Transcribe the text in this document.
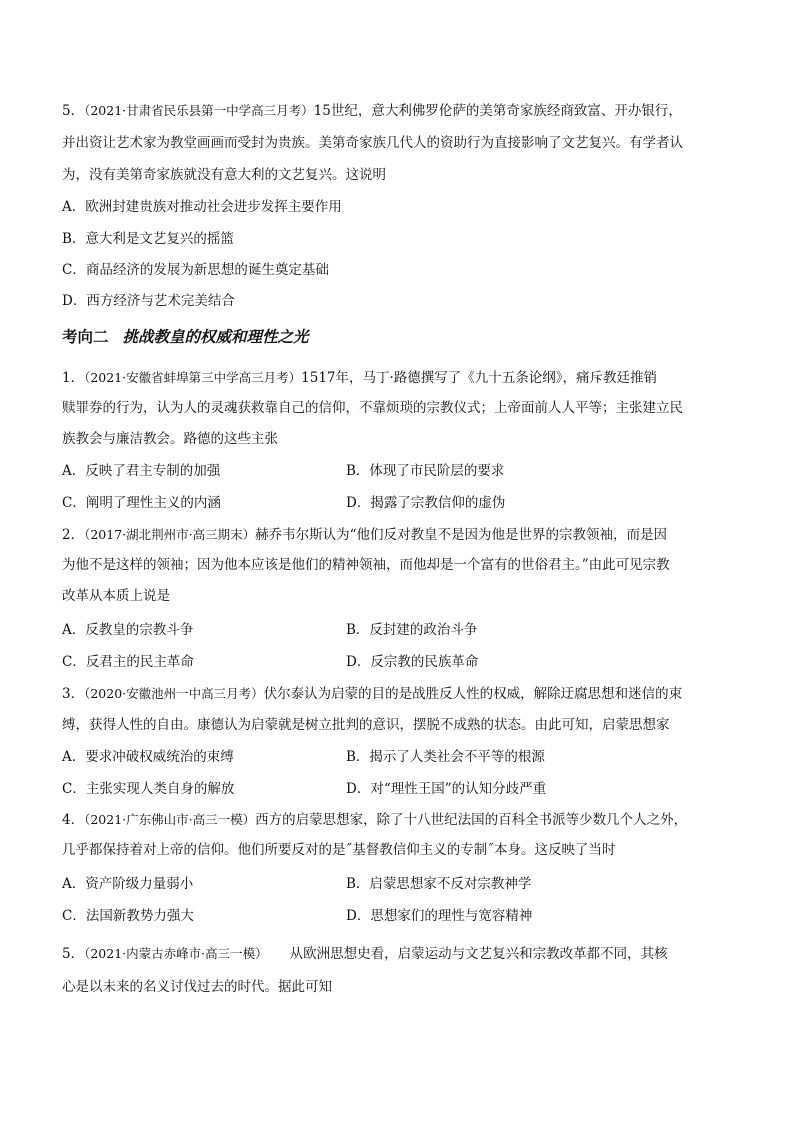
5．（2021·甘肃省民乐县第一中学高三月考）15世纪，意大利佛罗伦萨的美第奇家族经商致富、开办银行，
并出资让艺术家为教堂画画而受封为贵族。美第奇家族几代人的资助行为直接影响了文艺复兴。有学者认
为，没有美第奇家族就没有意大利的文艺复兴。这说明
A．欧洲封建贵族对推动社会进步发挥主要作用
B．意大利是文艺复兴的摇篮
C．商品经济的发展为新思想的诞生奠定基础
D．西方经济与艺术完美结合
考向二 挑战教皇的权威和理性之光
1．（2021·安徽省蚌埠第三中学高三月考）1517年，马丁·路德撰写了《九十五条论纲》，痛斥教廷推销
赎罪券的行为，认为人的灵魂获救靠自己的信仰，不靠烦琐的宗教仪式；上帝面前人人平等；主张建立民
族教会与廉洁教会。路德的这些主张
A．反映了君主专制的加强	B．体现了市民阶层的要求
C．阐明了理性主义的内涵	D．揭露了宗教信仰的虚伪
2．（2017·湖北荆州市·高三期末）赫乔韦尔斯认为“他们反对教皇不是因为他是世界的宗教领袖，而是因
为他不是这样的领袖；因为他本应该是他们的精神领袖，而他却是一个富有的世俗君主。”由此可见宗教
改革从本质上说是
A．反教皇的宗教斗争	B．反封建的政治斗争
C．反君主的民主革命	D．反宗教的民族革命
3．（2020·安徽池州一中高三月考）伏尔泰认为启蒙的目的是战胜反人性的权威，解除迂腐思想和迷信的束
缚，获得人性的自由。康德认为启蒙就是树立批判的意识，摆脱不成熟的状态。由此可知，启蒙思想家
A．要求冲破权威统治的束缚	B．揭示了人类社会不平等的根源
C．主张实现人类自身的解放	D．对“理性王国”的认知分歧严重
4．（2021·广东佛山市·高三一模）西方的启蒙思想家，除了十八世纪法国的百科全书派等少数几个人之外，
几乎都保持着对上帝的信仰。他们所要反对的是˝基督教信仰主义的专制˝本身。这反映了当时
A．资产阶级力量弱小	B．启蒙思想家不反对宗教神学
C．法国新教势力强大	D．思想家们的理性与宽容精神
5．（2021·内蒙古赤峰市·高三一模） 从欧洲思想史看，启蒙运动与文艺复兴和宗教改革都不同，其核
心是以未来的名义讨伐过去的时代。据此可知
